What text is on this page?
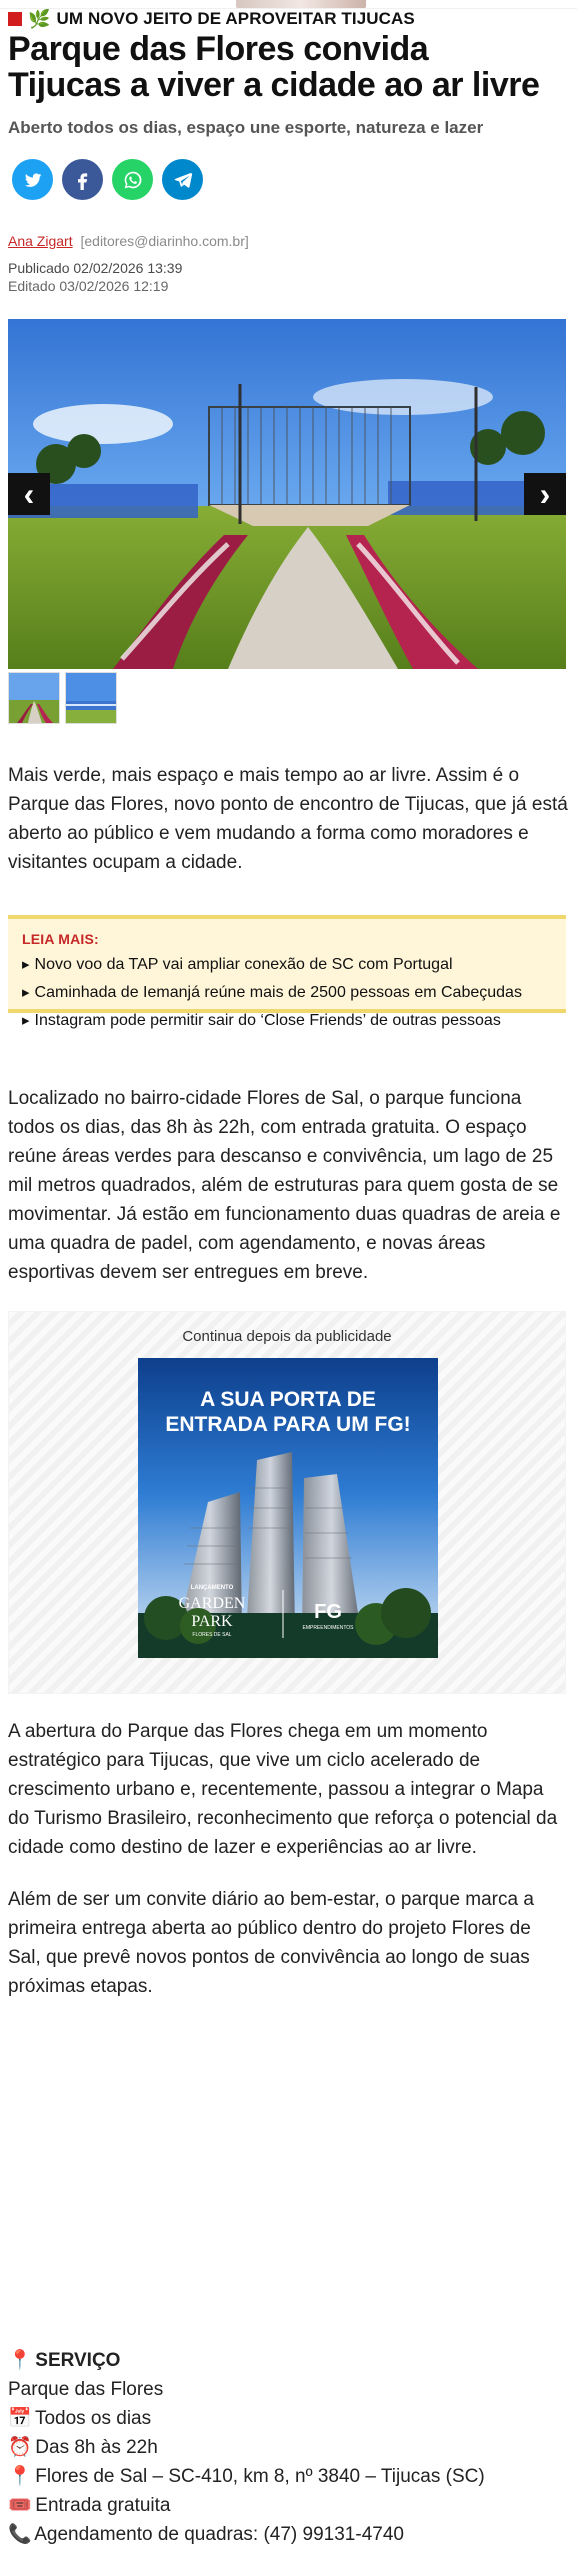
🌿 UM NOVO JEITO DE APROVEITAR TIJUCAS
Parque das Flores convida Tijucas a viver a cidade ao ar livre

Aberto todos os dias, espaço une esporte, natureza e lazer

Ana Zigart [editores@diarinho.com.br]
Publicado 02/02/2026 13:39
Editado 03/02/2026 12:19
‹	›

Mais verde, mais espaço e mais tempo ao ar livre. Assim é o Parque das Flores, novo ponto de encontro de Tijucas, que já está aberto ao público e vem mudando a forma como moradores e visitantes ocupam a cidade.

LEIA MAIS:
▸ Novo voo da TAP vai ampliar conexão de SC com Portugal
▸ Caminhada de Iemanjá reúne mais de 2500 pessoas em Cabeçudas
▸ Instagram pode permitir sair do ‘Close Friends’ de outras pessoas

Localizado no bairro-cidade Flores de Sal, o parque funciona todos os dias, das 8h às 22h, com entrada gratuita. O espaço reúne áreas verdes para descanso e convivência, um lago de 25 mil metros quadrados, além de estruturas para quem gosta de se movimentar. Já estão em funcionamento duas quadras de areia e uma quadra de padel, com agendamento, e novas áreas esportivas devem ser entregues em breve.

Continua depois da publicidade
A SUA PORTA DE
ENTRADA PARA UM FG!
LANÇAMENTO
GARDEN
PARK
FLORES DE SAL
FG
EMPREENDIMENTOS

A abertura do Parque das Flores chega em um momento estratégico para Tijucas, que vive um ciclo acelerado de crescimento urbano e, recentemente, passou a integrar o Mapa do Turismo Brasileiro, reconhecimento que reforça o potencial da cidade como destino de lazer e experiências ao ar livre.

Além de ser um convite diário ao bem-estar, o parque marca a primeira entrega aberta ao público dentro do projeto Flores de Sal, que prevê novos pontos de convivência ao longo de suas próximas etapas.

📍 SERVIÇO
Parque das Flores
📅 Todos os dias
⏰ Das 8h às 22h
📍 Flores de Sal – SC-410, km 8, nº 3840 – Tijucas (SC)
🎟️ Entrada gratuita
📞 Agendamento de quadras: (47) 99131-4740
